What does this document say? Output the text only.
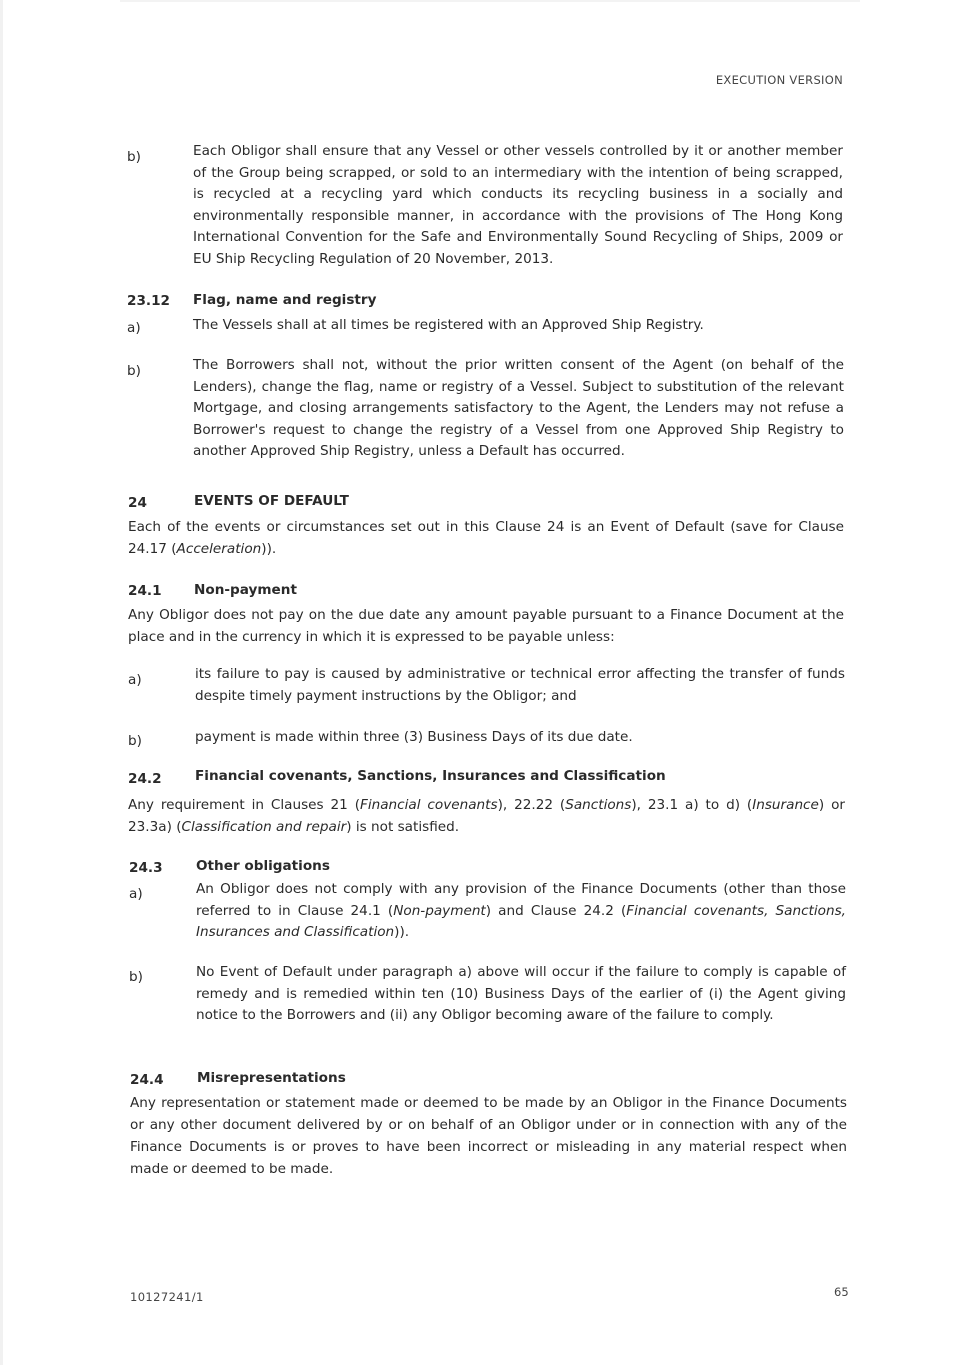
EXECUTION VERSION
b)	Each Obligor shall ensure that any Vessel or other vessels controlled by it or another member of the Group being scrapped, or sold to an intermediary with the intention of being scrapped, is recycled at a recycling yard which conducts its recycling business in a socially and environmentally responsible manner, in accordance with the provisions of The Hong Kong International Convention for the Safe and Environmentally Sound Recycling of Ships, 2009 or EU Ship Recycling Regulation of 20 November, 2013.
23.12 Flag, name and registry
a)	The Vessels shall at all times be registered with an Approved Ship Registry.
b)	The Borrowers shall not, without the prior written consent of the Agent (on behalf of the Lenders), change the flag, name or registry of a Vessel. Subject to substitution of the relevant Mortgage, and closing arrangements satisfactory to the Agent, the Lenders may not refuse a Borrower's request to change the registry of a Vessel from one Approved Ship Registry to another Approved Ship Registry, unless a Default has occurred.
24	EVENTS OF DEFAULT
Each of the events or circumstances set out in this Clause 24 is an Event of Default (save for Clause 24.17 (Acceleration)).
24.1 Non-payment
Any Obligor does not pay on the due date any amount payable pursuant to a Finance Document at the place and in the currency in which it is expressed to be payable unless:
a)	its failure to pay is caused by administrative or technical error affecting the transfer of funds despite timely payment instructions by the Obligor; and
b)	payment is made within three (3) Business Days of its due date.
24.2 Financial covenants, Sanctions, Insurances and Classification
Any requirement in Clauses 21 (Financial covenants), 22.22 (Sanctions), 23.1 a) to d) (Insurance) or 23.3a) (Classification and repair) is not satisfied.
24.3 Other obligations
a)	An Obligor does not comply with any provision of the Finance Documents (other than those referred to in Clause 24.1 (Non-payment) and Clause 24.2 (Financial covenants, Sanctions, Insurances and Classification)).
b)	No Event of Default under paragraph a) above will occur if the failure to comply is capable of remedy and is remedied within ten (10) Business Days of the earlier of (i) the Agent giving notice to the Borrowers and (ii) any Obligor becoming aware of the failure to comply.
24.4 Misrepresentations
Any representation or statement made or deemed to be made by an Obligor in the Finance Documents or any other document delivered by or on behalf of an Obligor under or in connection with any of the Finance Documents is or proves to have been incorrect or misleading in any material respect when made or deemed to be made.
10127241/1	65
